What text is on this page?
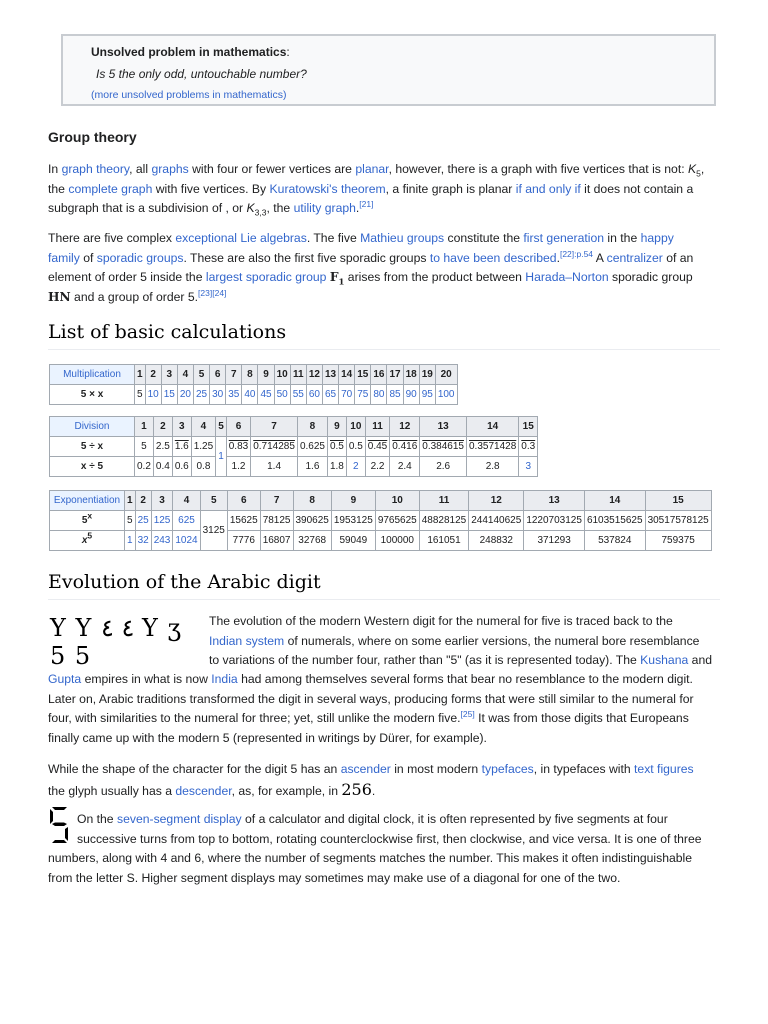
Unsolved problem in mathematics:
Is 5 the only odd, untouchable number?
(more unsolved problems in mathematics)
Group theory
In graph theory, all graphs with four or fewer vertices are planar, however, there is a graph with five vertices that is not: $K_5$,
the complete graph with five vertices. By Kuratowski's theorem, a finite graph is planar if and only if it does not contain a
subgraph that is a subdivision of , or $K_{3,3}$, the utility graph.[21]
There are five complex exceptional Lie algebras. The five Mathieu groups constitute the first generation in the happy
family of sporadic groups. These are also the first five sporadic groups to have been described.$^{[22]:p.54}$ A centralizer of an
element of order 5 inside the largest sporadic group $F_1$ arises from the product between Harada–Norton sporadic group
HN and a group of order 5.[23][24]
List of basic calculations
Multiplication	1	2	3	4	5	6	7	8	9	10	11	12	13	14	15	16	17	18	19	20
5 × x	5	10	15	20	25	30	35	40	45	50	55	60	65	70	75	80	85	90	95	100
Division	1	2	3	4	5	6	7	8	9	10	11	12	13	14	15
5 ÷ x	5	2.5	1.6	1.25	1	0.83	0.714285	0.625	0.5	0.5	0.45	0.416	0.384615	0.3571428	0.3
x ÷ 5	0.2	0.4	0.6	0.8		1.2	1.4	1.6	1.8	2	2.2	2.4	2.6	2.8	3
Exponentiation	1	2	3	4	5	6	7	8	9	10	11	12	13	14	15
5$^x$	5	25	125	625	3125	15625	78125	390625	1953125	9765625	48828125	244140625	1220703125	6103515625	30517578125
$x^5$	1	32	243	1024		7776	16807	32768	59049	100000	161051	248832	371293	537824	759375
Evolution of the Arabic digit
Y Y ٤ ٤ Y ʒ 5 5
The evolution of the modern Western digit for the numeral for five is traced back to the
Indian system of numerals, where on some earlier versions, the numeral bore resemblance
to variations of the number four, rather than "5" (as it is represented today). The Kushana and
Gupta empires in what is now India had among themselves several forms that bear no resemblance to the modern digit.
Later on, Arabic traditions transformed the digit in several ways, producing forms that were still similar to the numeral for
four, with similarities to the numeral for three; yet, still unlike the modern five.[25] It was from those digits that Europeans
finally came up with the modern 5 (represented in writings by Dürer, for example).
While the shape of the character for the digit 5 has an ascender in most modern typefaces, in typefaces with text figures
the glyph usually has a descender, as, for example, in 256.
On the seven-segment display of a calculator and digital clock, it is often represented by five segments at four
successive turns from top to bottom, rotating counterclockwise first, then clockwise, and vice versa. It is one of three
numbers, along with 4 and 6, where the number of segments matches the number. This makes it often indistinguishable
from the letter S. Higher segment displays may sometimes may make use of a diagonal for one of the two.
